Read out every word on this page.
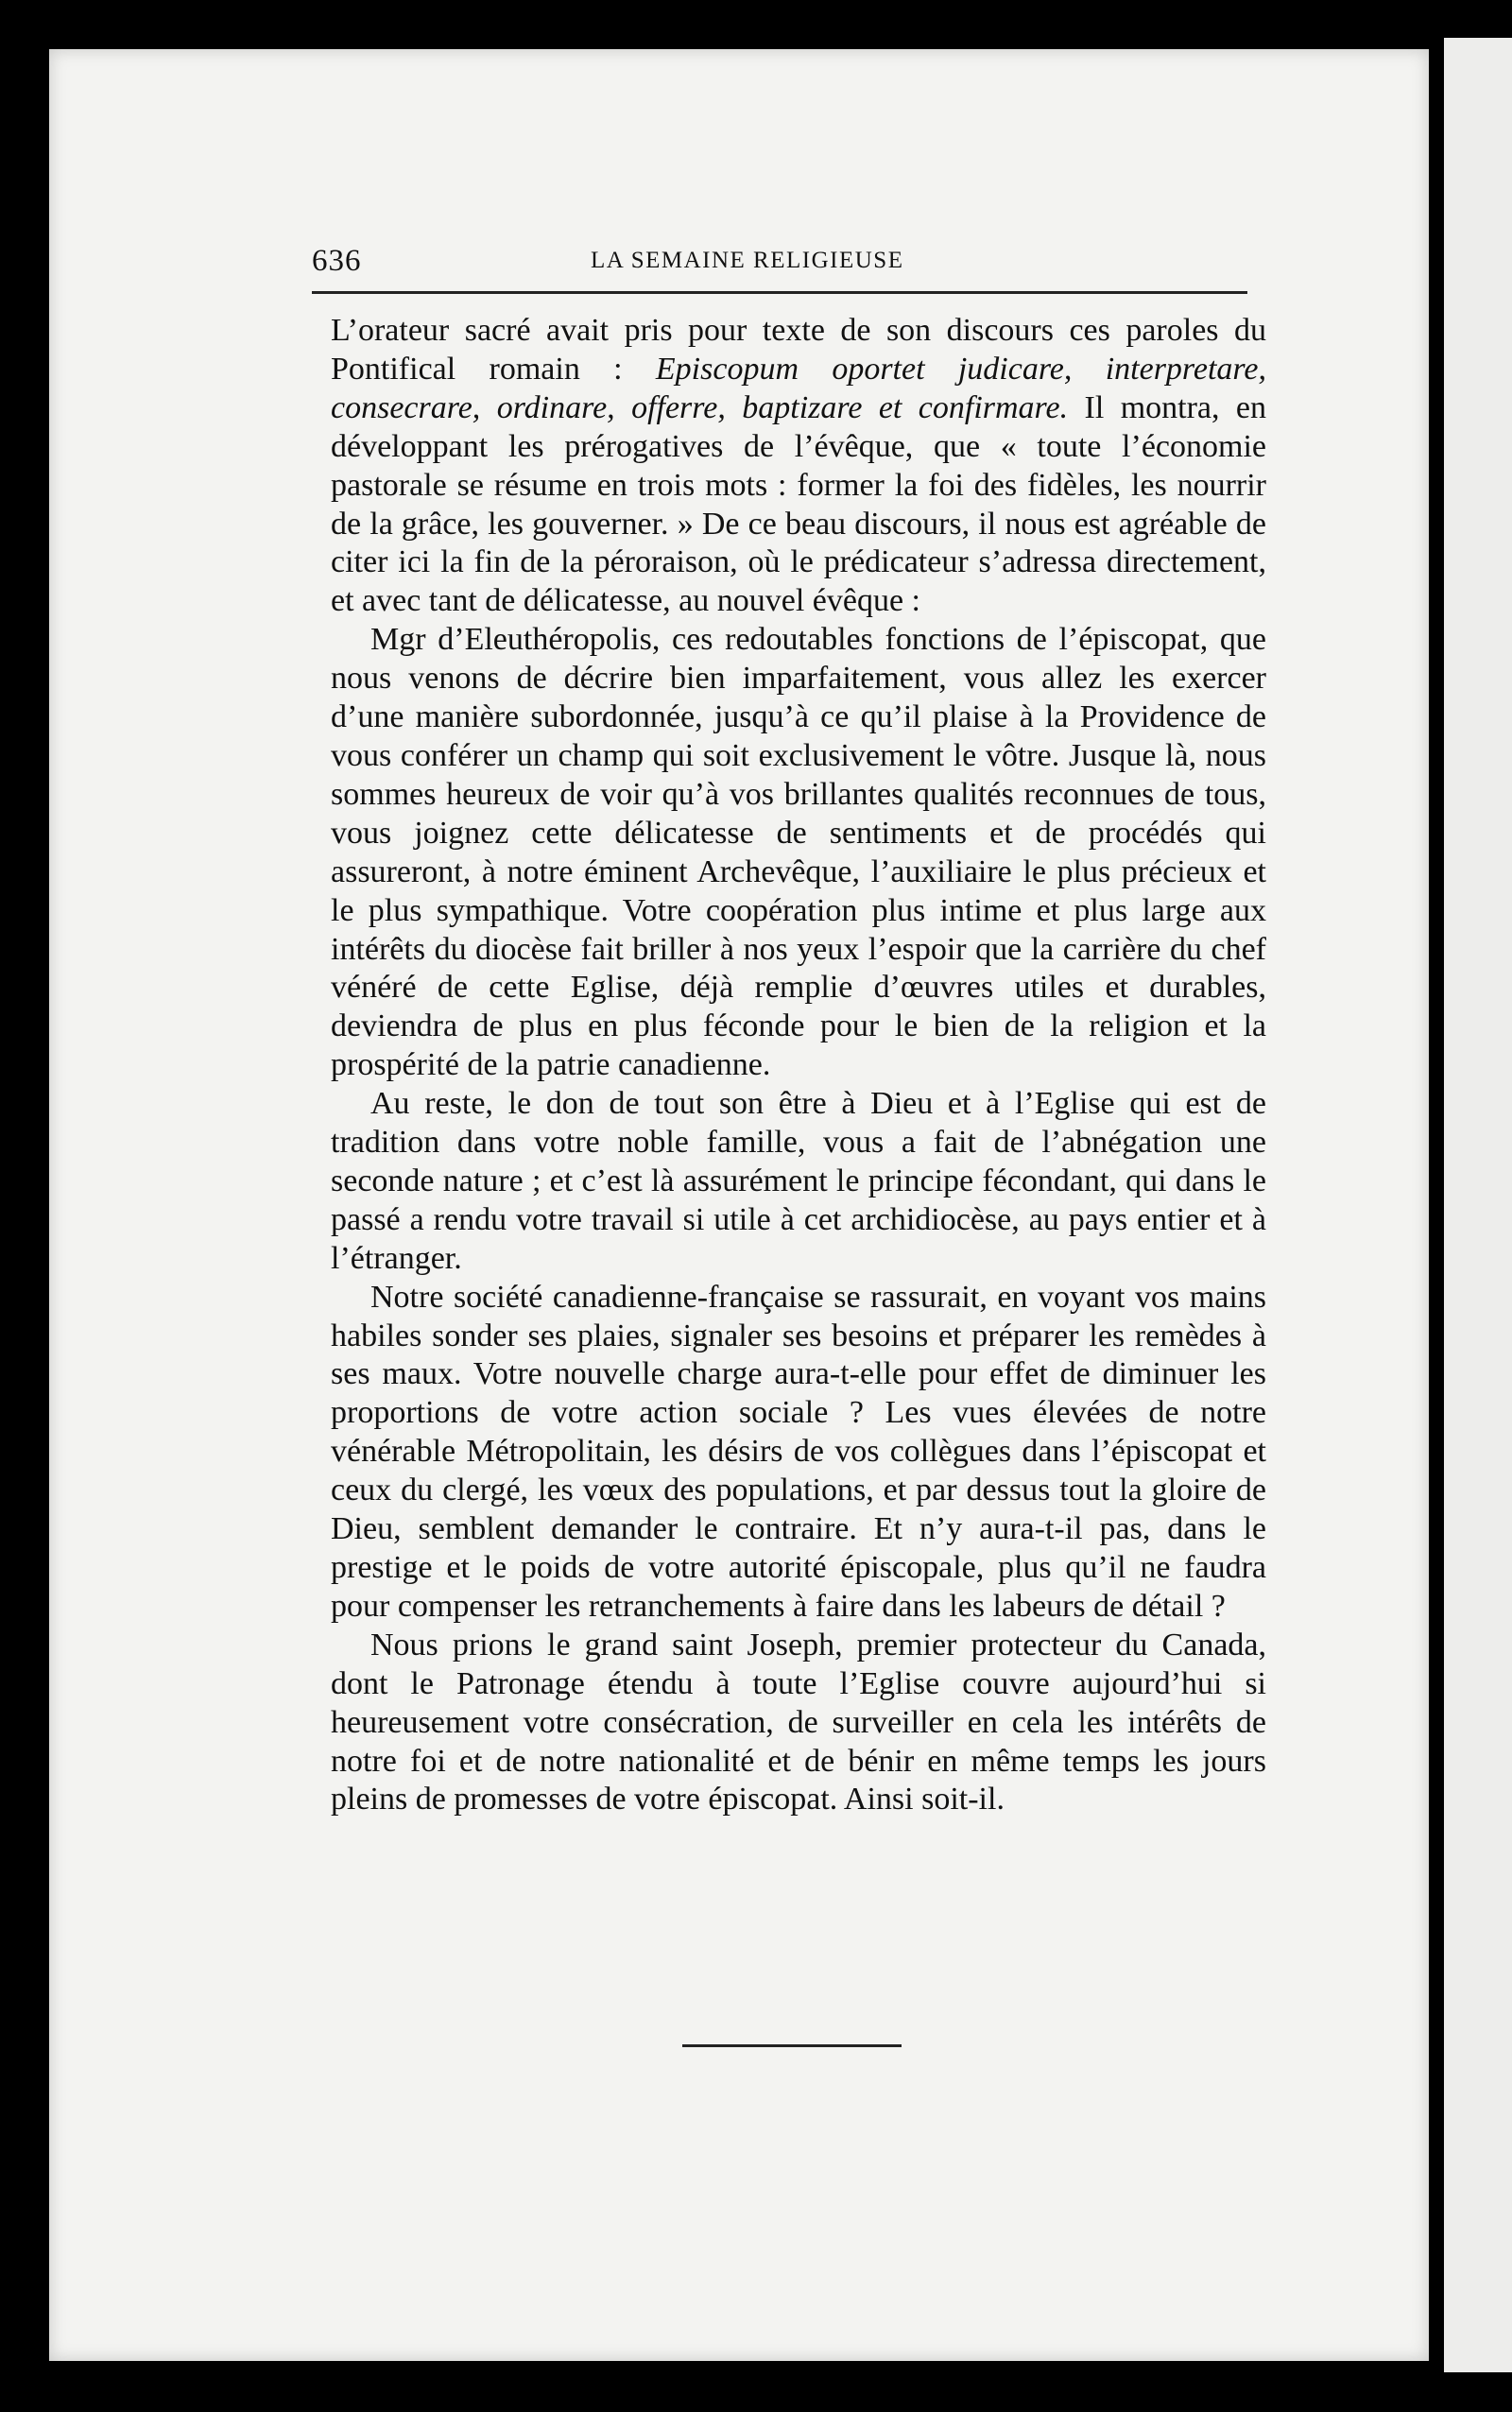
636	LA SEMAINE RELIGIEUSE

L’orateur sacré avait pris pour texte de son discours ces paroles du Pontifical romain : Episcopum oportet judicare, interpretare, consecrare, ordinare, offerre, baptizare et confirmare. Il montra, en développant les prérogatives de l’évêque, que « toute l’économie pastorale se résume en trois mots : former la foi des fidèles, les nourrir de la grâce, les gouverner. » De ce beau discours, il nous est agréable de citer ici la fin de la péroraison, où le prédicateur s’adressa directement, et avec tant de délicatesse, au nouvel évêque :

Mgr d’Eleuthéropolis, ces redoutables fonctions de l’épiscopat, que nous venons de décrire bien imparfaitement, vous allez les exercer d’une manière subordonnée, jusqu’à ce qu’il plaise à la Providence de vous conférer un champ qui soit exclusivement le vôtre. Jusque là, nous sommes heureux de voir qu’à vos brillantes qualités reconnues de tous, vous joignez cette délicatesse de sentiments et de procédés qui assureront, à notre éminent Archevêque, l’auxiliaire le plus précieux et le plus sympathique. Votre coopération plus intime et plus large aux intérêts du diocèse fait briller à nos yeux l’espoir que la carrière du chef vénéré de cette Eglise, déjà remplie d’œuvres utiles et durables, deviendra de plus en plus féconde pour le bien de la religion et la prospérité de la patrie canadienne.

Au reste, le don de tout son être à Dieu et à l’Eglise qui est de tradition dans votre noble famille, vous a fait de l’abnégation une seconde nature ; et c’est là assurément le principe fécondant, qui dans le passé a rendu votre travail si utile à cet archidiocèse, au pays entier et à l’étranger.

Notre société canadienne-française se rassurait, en voyant vos mains habiles sonder ses plaies, signaler ses besoins et préparer les remèdes à ses maux. Votre nouvelle charge aura-t-elle pour effet de diminuer les proportions de votre action sociale ? Les vues élevées de notre vénérable Métropolitain, les désirs de vos collègues dans l’épiscopat et ceux du clergé, les vœux des populations, et par dessus tout la gloire de Dieu, semblent demander le contraire. Et n’y aura-t-il pas, dans le prestige et le poids de votre autorité épiscopale, plus qu’il ne faudra pour compenser les retranchements à faire dans les labeurs de détail ?

Nous prions le grand saint Joseph, premier protecteur du Canada, dont le Patronage étendu à toute l’Eglise couvre aujourd’hui si heureusement votre consécration, de surveiller en cela les intérêts de notre foi et de notre nationalité et de bénir en même temps les jours pleins de promesses de votre épiscopat. Ainsi soit-il.
